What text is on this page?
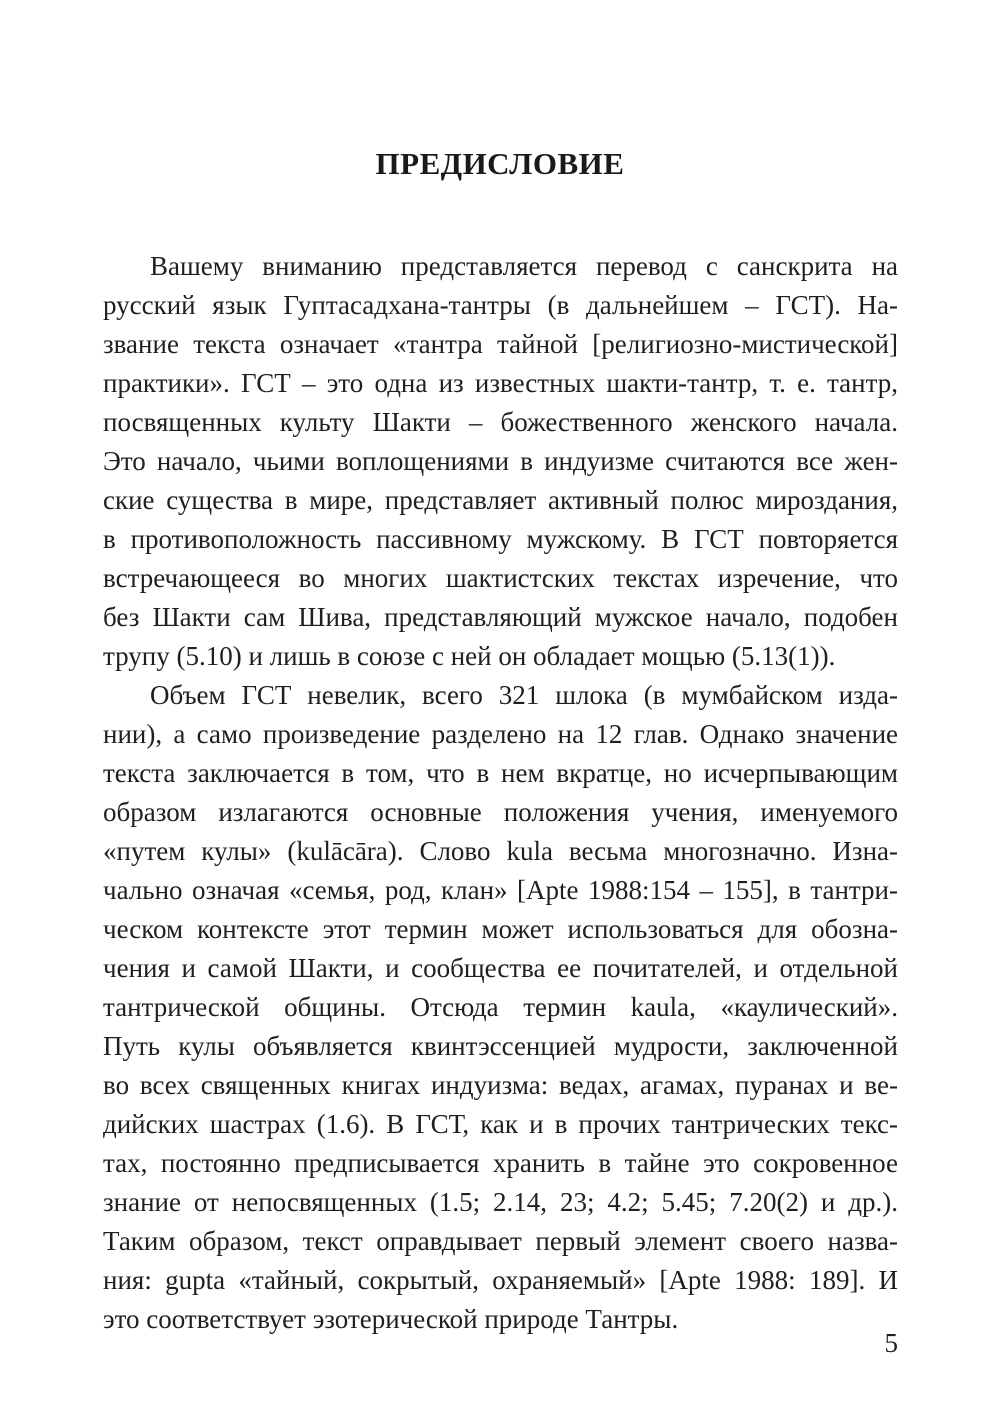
ПРЕДИСЛОВИЕ
Вашему вниманию представляется перевод с санскрита на
русский язык Гуптасадхана-тантры (в дальнейшем – ГСТ). На-
звание текста означает «тантра тайной [религиозно-мистической]
практики». ГСТ – это одна из известных шакти-тантр, т. е. тантр,
посвященных культу Шакти – божественного женского начала.
Это начало, чьими воплощениями в индуизме считаются все жен-
ские существа в мире, представляет активный полюс мироздания,
в противоположность пассивному мужскому. В ГСТ повторяется
встречающееся во многих шактистских текстах изречение, что
без Шакти сам Шива, представляющий мужское начало, подобен
трупу (5.10) и лишь в союзе с ней он обладает мощью (5.13(1)).
Объем ГСТ невелик, всего 321 шлока (в мумбайском изда-
нии), а само произведение разделено на 12 глав. Однако значение
текста заключается в том, что в нем вкратце, но исчерпывающим
образом излагаются основные положения учения, именуемого
«путем кулы» (kulācāra). Слово kula весьма многозначно. Изна-
чально означая «семья, род, клан» [Apte 1988:154 – 155], в тантри-
ческом контексте этот термин может использоваться для обозна-
чения и самой Шакти, и сообщества ее почитателей, и отдельной
тантрической общины. Отсюда термин kaula, «каулический».
Путь кулы объявляется квинтэссенцией мудрости, заключенной
во всех священных книгах индуизма: ведах, агамах, пуранах и ве-
дийских шастрах (1.6). В ГСТ, как и в прочих тантрических текс-
тах, постоянно предписывается хранить в тайне это сокровенное
знание от непосвященных (1.5; 2.14, 23; 4.2; 5.45; 7.20(2) и др.).
Таким образом, текст оправдывает первый элемент своего назва-
ния: gupta «тайный, сокрытый, охраняемый» [Apte 1988: 189]. И
это соответствует эзотерической природе Тантры.
5
